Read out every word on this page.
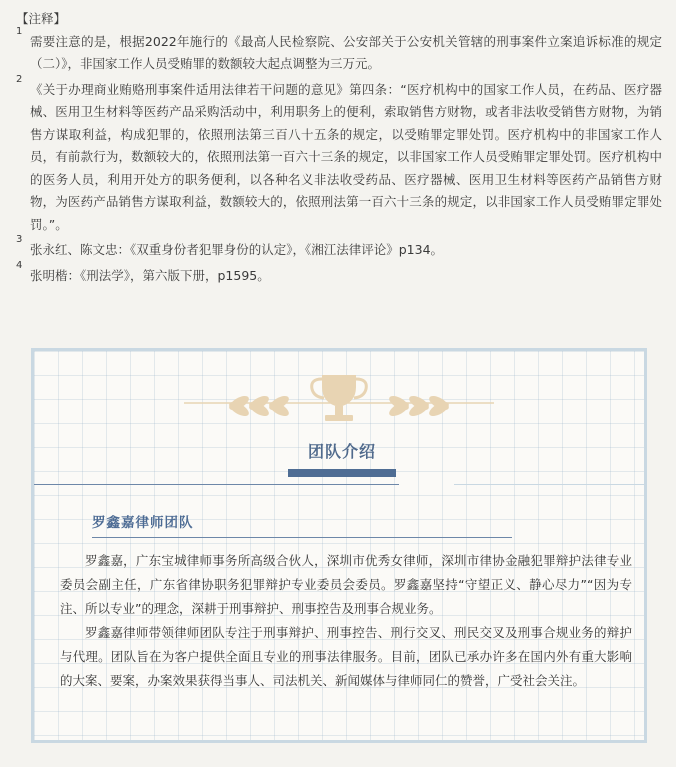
【注释】
1
需要注意的是，根据2022年施行的《最高人民检察院、公安部关于公安机关管辖的刑事案件立案追诉标准的规定（二）》，非国家工作人员受贿罪的数额较大起点调整为三万元。
2
《关于办理商业贿赂刑事案件适用法律若干问题的意见》第四条：“医疗机构中的国家工作人员，在药品、医疗器械、医用卫生材料等医药产品采购活动中，利用职务上的便利，索取销售方财物，或者非法收受销售方财物，为销售方谋取利益，构成犯罪的，依照刑法第三百八十五条的规定，以受贿罪定罪处罚。医疗机构中的非国家工作人员，有前款行为，数额较大的，依照刑法第一百六十三条的规定，以非国家工作人员受贿罪定罪处罚。医疗机构中的医务人员，利用开处方的职务便利，以各种名义非法收受药品、医疗器械、医用卫生材料等医药产品销售方财物，为医药产品销售方谋取利益，数额较大的，依照刑法第一百六十三条的规定，以非国家工作人员受贿罪定罪处罚。”。
3
张永红、陈文忠：《双重身份者犯罪身份的认定》，《湘江法律评论》p134。
4
张明楷：《刑法学》，第六版下册，p1595。
团队介绍
罗鑫嘉律师团队

罗鑫嘉，广东宝城律师事务所高级合伙人，深圳市优秀女律师，深圳市律协金融犯罪辩护法律专业委员会副主任，广东省律协职务犯罪辩护专业委员会委员。罗鑫嘉坚持“守望正义、静心尽力”“因为专注、所以专业”的理念，深耕于刑事辩护、刑事控告及刑事合规业务。

罗鑫嘉律师带领律师团队专注于刑事辩护、刑事控告、刑行交叉、刑民交叉及刑事合规业务的辩护与代理。团队旨在为客户提供全面且专业的刑事法律服务。目前，团队已承办许多在国内外有重大影响的大案、要案，办案效果获得当事人、司法机关、新闻媒体与律师同仁的赞誉，广受社会关注。
